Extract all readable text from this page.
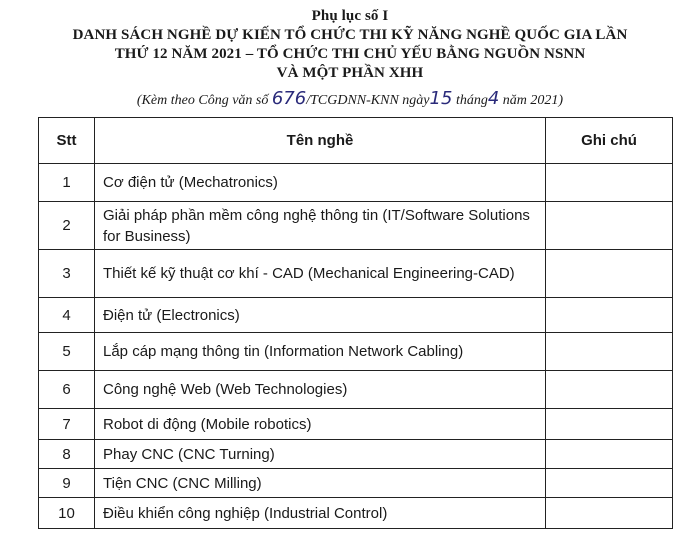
Phụ lục số I
DANH SÁCH NGHỀ DỰ KIẾN TỔ CHỨC THI KỸ NĂNG NGHỀ QUỐC GIA LẦN
THỨ 12 NĂM 2021 – TỔ CHỨC THI CHỦ YẾU BẰNG NGUỒN NSNN
VÀ MỘT PHẦN XHH
(Kèm theo Công văn số 676/TCGDNN-KNN ngày15 tháng4 năm 2021)
Stt	Tên nghề	Ghi chú
1	Cơ điện tử (Mechatronics)	
2	Giải pháp phần mềm công nghệ thông tin (IT/Software Solutions for Business)	
3	Thiết kế kỹ thuật cơ khí - CAD (Mechanical Engineering-CAD)	
4	Điện tử (Electronics)	
5	Lắp cáp mạng thông tin (Information Network Cabling)	
6	Công nghệ Web (Web Technologies)	
7	Robot di động (Mobile robotics)	
8	Phay CNC (CNC Turning)	
9	Tiện CNC (CNC Milling)	
10	Điều khiển công nghiệp (Industrial Control)	
